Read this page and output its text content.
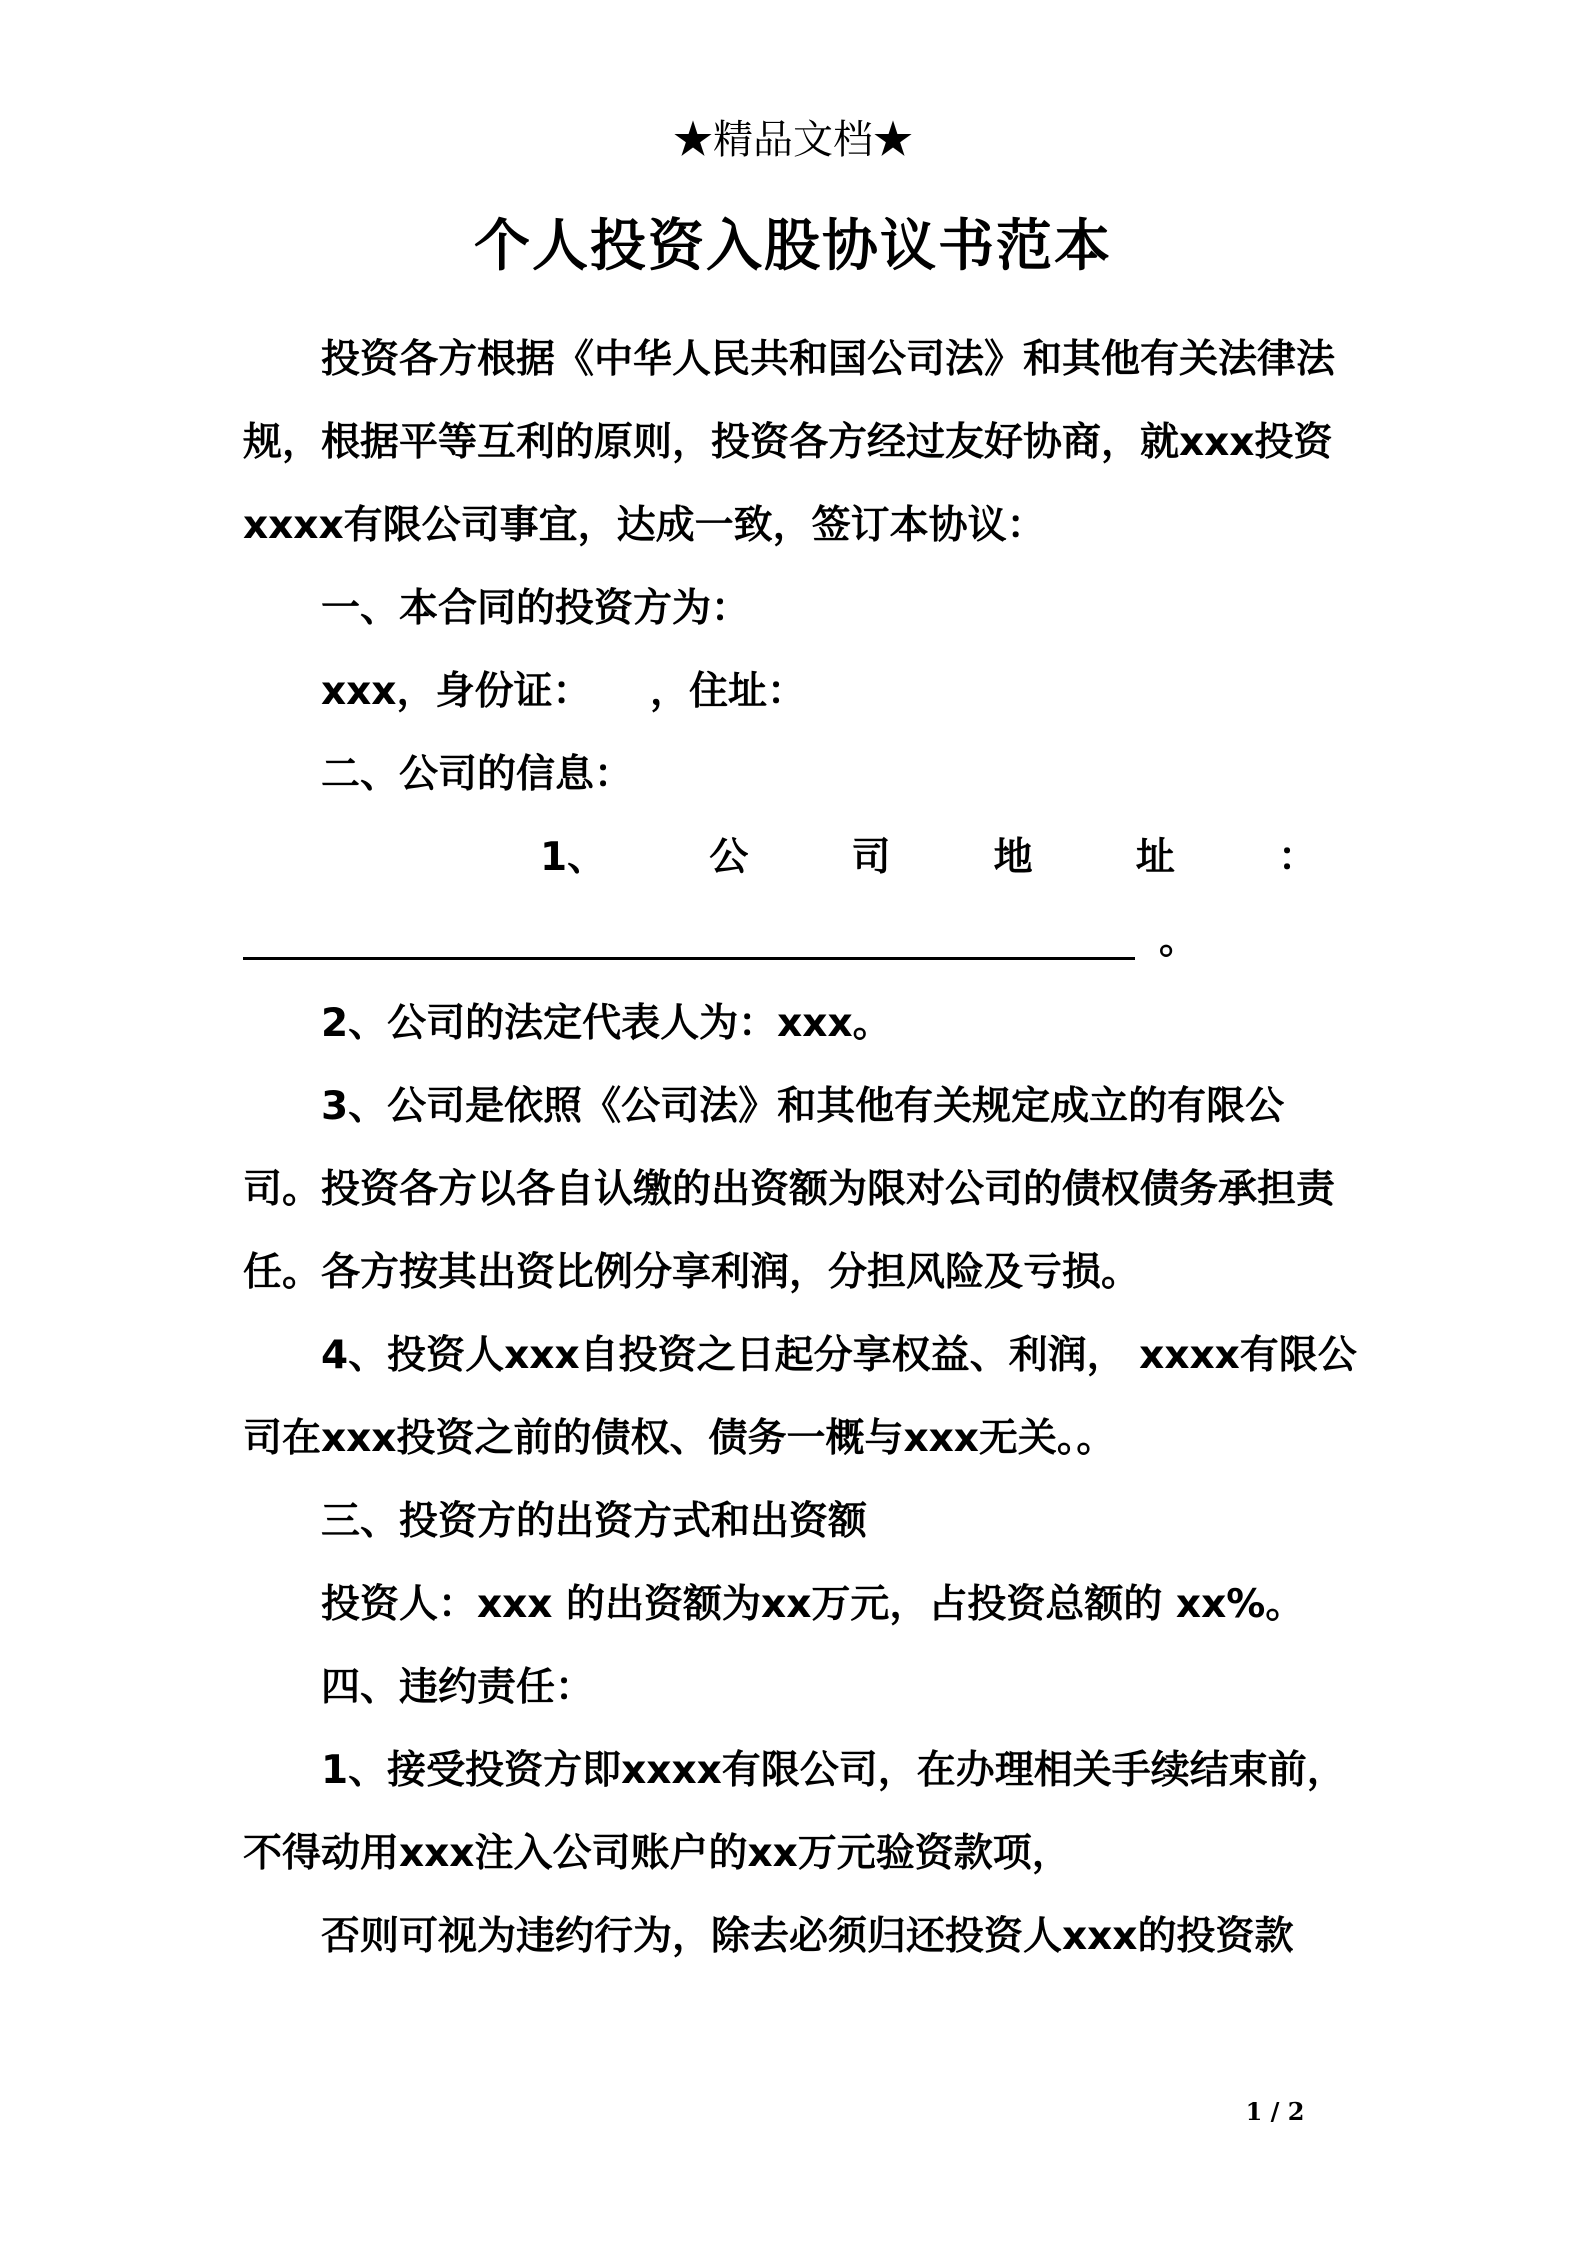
★精品文档★
个人投资入股协议书范本

投资各方根据《中华人民共和国公司法》和其他有关法律法规，根据平等互利的原则，投资各方经过友好协商，就xxx投资xxxx有限公司事宜，达成一致，签订本协议：

一、本合同的投资方为：

xxx，身份证：　　，住址：

二、公司的信息：

1、	公	司	地	址	：
。

2、公司的法定代表人为：xxx。

3、公司是依照《公司法》和其他有关规定成立的有限公司。投资各方以各自认缴的出资额为限对公司的债权债务承担责任。各方按其出资比例分享利润，分担风险及亏损。

4、投资人xxx自投资之日起分享权益、利润， xxxx有限公司在xxx投资之前的债权、债务一概与xxx无关。。

三、投资方的出资方式和出资额

投资人：xxx 的出资额为xx万元，占投资总额的 xx%。

四、违约责任：

1、接受投资方即xxxx有限公司，在办理相关手续结束前，不得动用xxx注入公司账户的xx万元验资款项，

否则可视为违约行为，除去必须归还投资人xxx的投资款

1 / 2
